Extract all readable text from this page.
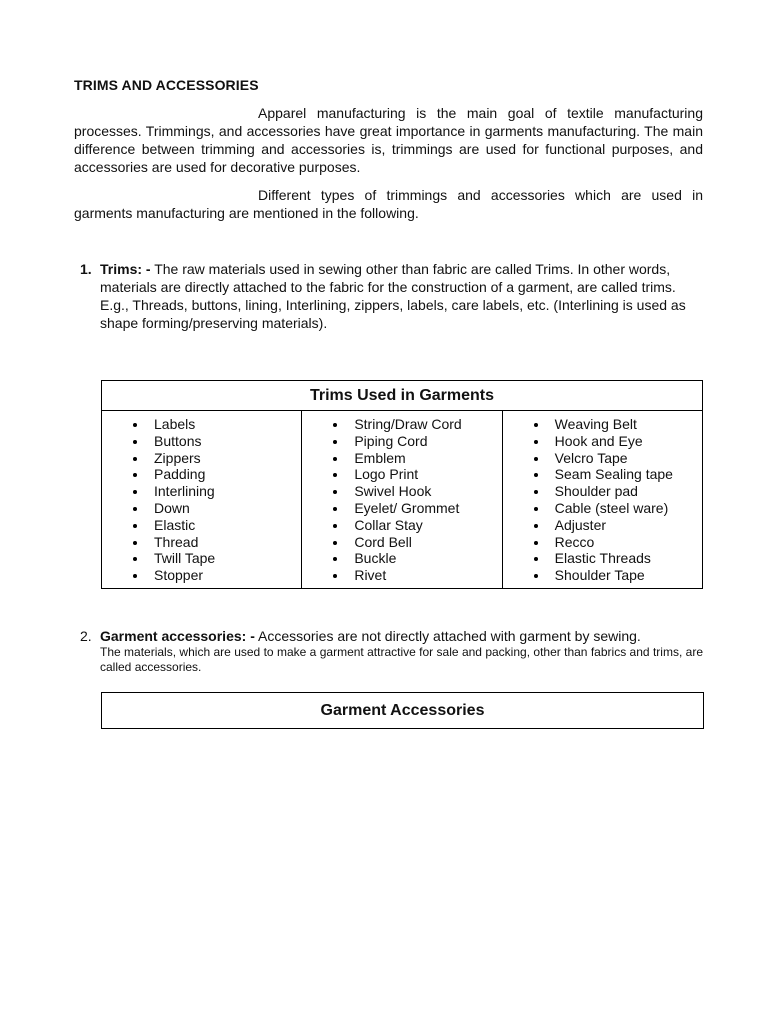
TRIMS AND ACCESSORIES

Apparel manufacturing is the main goal of textile manufacturing processes. Trimmings, and accessories have great importance in garments manufacturing. The main difference between trimming and accessories is, trimmings are used for functional purposes, and accessories are used for decorative purposes.

Different types of trimmings and accessories which are used in garments manufacturing are mentioned in the following.

1. Trims: - The raw materials used in sewing other than fabric are called Trims. In other words, materials are directly attached to the fabric for the construction of a garment, are called trims.
E.g., Threads, buttons, lining, Interlining, zippers, labels, care labels, etc. (Interlining is used as shape forming/preserving materials).
Trims Used in Garments
Labels
Buttons
Zippers
Padding
Interlining
Down
Elastic
Thread
Twill Tape
Stopper
String/Draw Cord
Piping Cord
Emblem
Logo Print
Swivel Hook
Eyelet/ Grommet
Collar Stay
Cord Bell
Buckle
Rivet
Weaving Belt
Hook and Eye
Velcro Tape
Seam Sealing tape
Shoulder pad
Cable (steel ware)
Adjuster
Recco
Elastic Threads
Shoulder Tape
2. Garment accessories: - Accessories are not directly attached with garment by sewing.
The materials, which are used to make a garment attractive for sale and packing, other than fabrics and trims, are called accessories.
Garment Accessories
